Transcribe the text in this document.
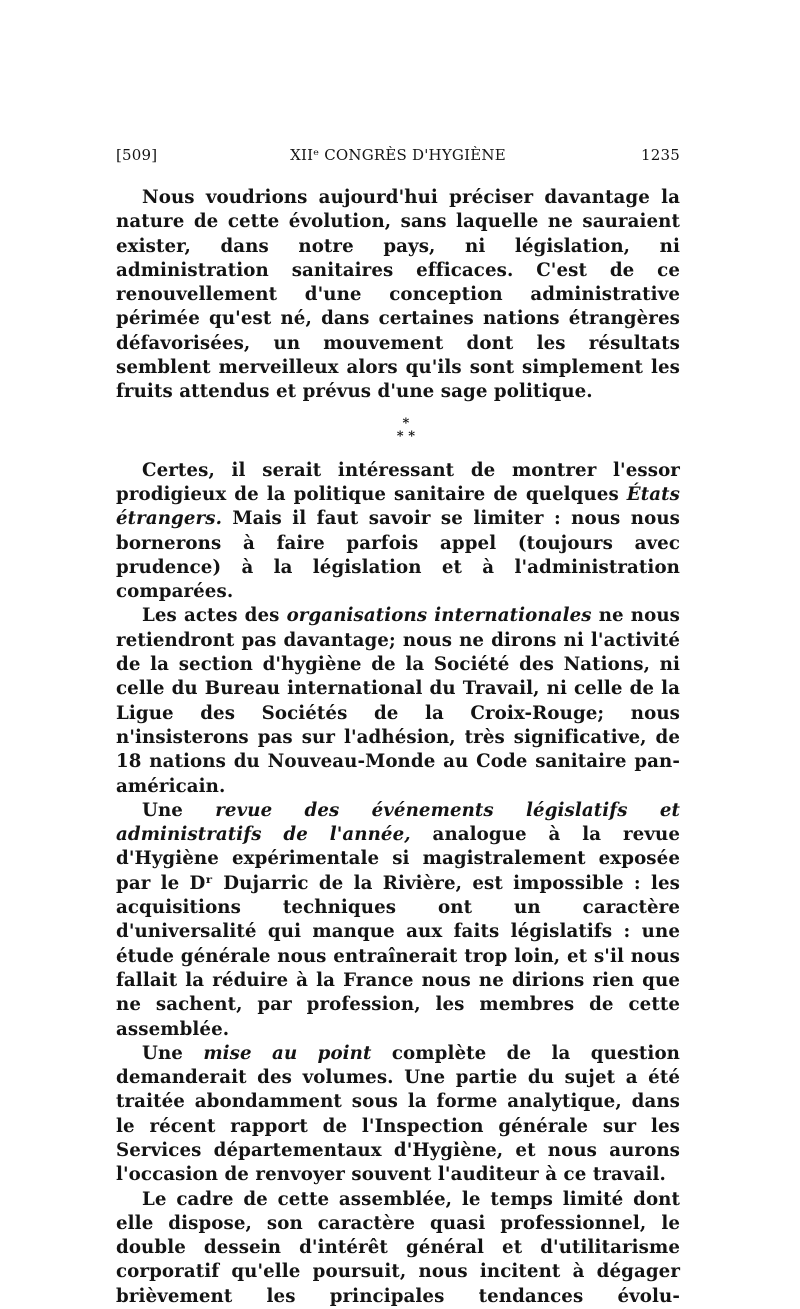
[509]	XIIᵉ CONGRÈS D'HYGIÈNE	1235

Nous voudrions aujourd'hui préciser davantage la nature de cette évolution, sans laquelle ne sauraient exister, dans notre pays, ni législation, ni administration sanitaires efficaces. C'est de ce renouvellement d'une conception administrative périmée qu'est né, dans certaines nations étrangères défavorisées, un mouvement dont les résultats semblent merveilleux alors qu'ils sont simplement les fruits attendus et prévus d'une sage politique.

*
* *

Certes, il serait intéressant de montrer l'essor prodigieux de la politique sanitaire de quelques États étrangers. Mais il faut savoir se limiter : nous nous bornerons à faire parfois appel (toujours avec prudence) à la législation et à l'administration comparées.

Les actes des organisations internationales ne nous retiendront pas davantage; nous ne dirons ni l'activité de la section d'hygiène de la Société des Nations, ni celle du Bureau international du Travail, ni celle de la Ligue des Sociétés de la Croix-Rouge; nous n'insisterons pas sur l'adhésion, très significative, de 18 nations du Nouveau-Monde au Code sanitaire pan-américain.

Une revue des événements législatifs et administratifs de l'année, analogue à la revue d'Hygiène expérimentale si magistralement exposée par le Dʳ Dujarric de la Rivière, est impossible : les acquisitions techniques ont un caractère d'universalité qui manque aux faits législatifs : une étude générale nous entraînerait trop loin, et s'il nous fallait la réduire à la France nous ne dirions rien que ne sachent, par profession, les membres de cette assemblée.

Une mise au point complète de la question demanderait des volumes. Une partie du sujet a été traitée abondamment sous la forme analytique, dans le récent rapport de l'Inspection générale sur les Services départementaux d'Hygiène, et nous aurons l'occasion de renvoyer souvent l'auditeur à ce travail.

Le cadre de cette assemblée, le temps limité dont elle dispose, son caractère quasi professionnel, le double dessein d'intérêt général et d'utilitarisme corporatif qu'elle poursuit, nous incitent à dégager brièvement les principales tendances évolu-
